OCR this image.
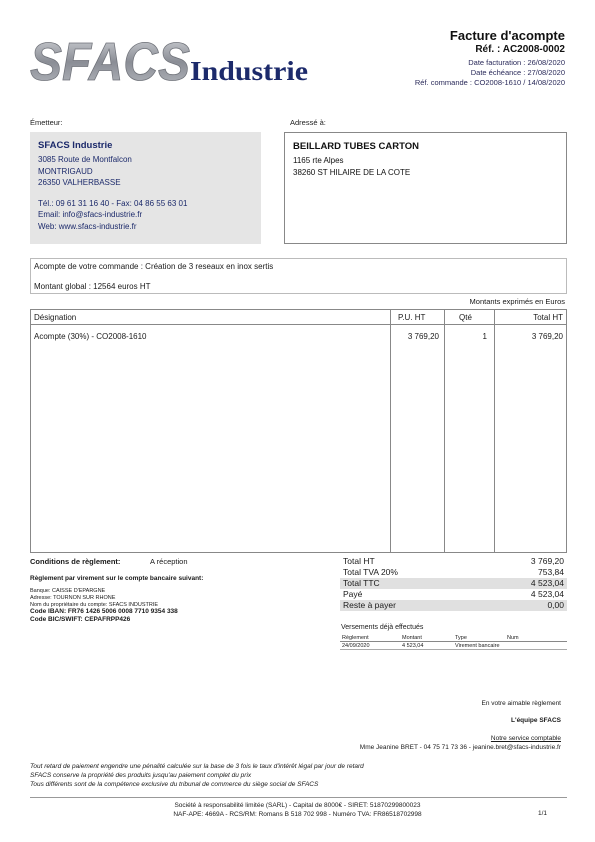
SFACS Industrie
Facture d'acompte
Réf. : AC2008-0002
Date facturation : 26/08/2020
Date échéance : 27/08/2020
Réf. commande : CO2008-1610 / 14/08/2020
Émetteur:	Adressé à:
SFACS Industrie
3085 Route de Montfalcon
MONTRIGAUD
26350 VALHERBASSE
Tél.: 09 61 31 16 40 - Fax: 04 86 55 63 01
Email: info@sfacs-industrie.fr
Web: www.sfacs-industrie.fr
BEILLARD TUBES CARTON
1165 rte Alpes
38260 ST HILAIRE DE LA COTE
Acompte de votre commande : Création de 3 reseaux en inox sertis
Montant global : 12564 euros HT
Montants exprimés en Euros
Désignation	P.U. HT	Qté	Total HT
Acompte (30%) - CO2008-1610	3 769,20	1	3 769,20
Conditions de règlement:	A réception
Règlement par virement sur le compte bancaire suivant:
Banque: CAISSE D'EPARGNE
Adresse: TOURNON SUR RHONE
Nom du propriétaire du compte: SFACS INDUSTRIE
Code IBAN: FR76 1426 5006 0008 7710 9354 338
Code BIC/SWIFT: CEPAFRPP426
Total HT	3 769,20
Total TVA 20%	753,84
Total TTC	4 523,04
Payé	4 523,04
Reste à payer	0,00
Versements déjà effectués
Règlement	Montant	Type	Num
24/09/2020	4 523,04	Virement bancaire
En votre aimable règlement
L'équipe SFACS
Notre service comptable
Mme Jeanine BRET - 04 75 71 73 36 - jeanine.bret@sfacs-industrie.fr
Tout retard de paiement engendre une pénalité calculée sur la base de 3 fois le taux d'intérêt légal par jour de retard
SFACS conserve la propriété des produits jusqu'au paiement complet du prix
Tous différents sont de la compétence exclusive du tribunal de commerce du siège social de SFACS
Société à responsabilité limitée (SARL) - Capital de 8000€ - SIRET: 51870299800023
NAF-APE: 4669A - RCS/RM: Romans B 518 702 998 - Numéro TVA: FR86518702998	1/1
